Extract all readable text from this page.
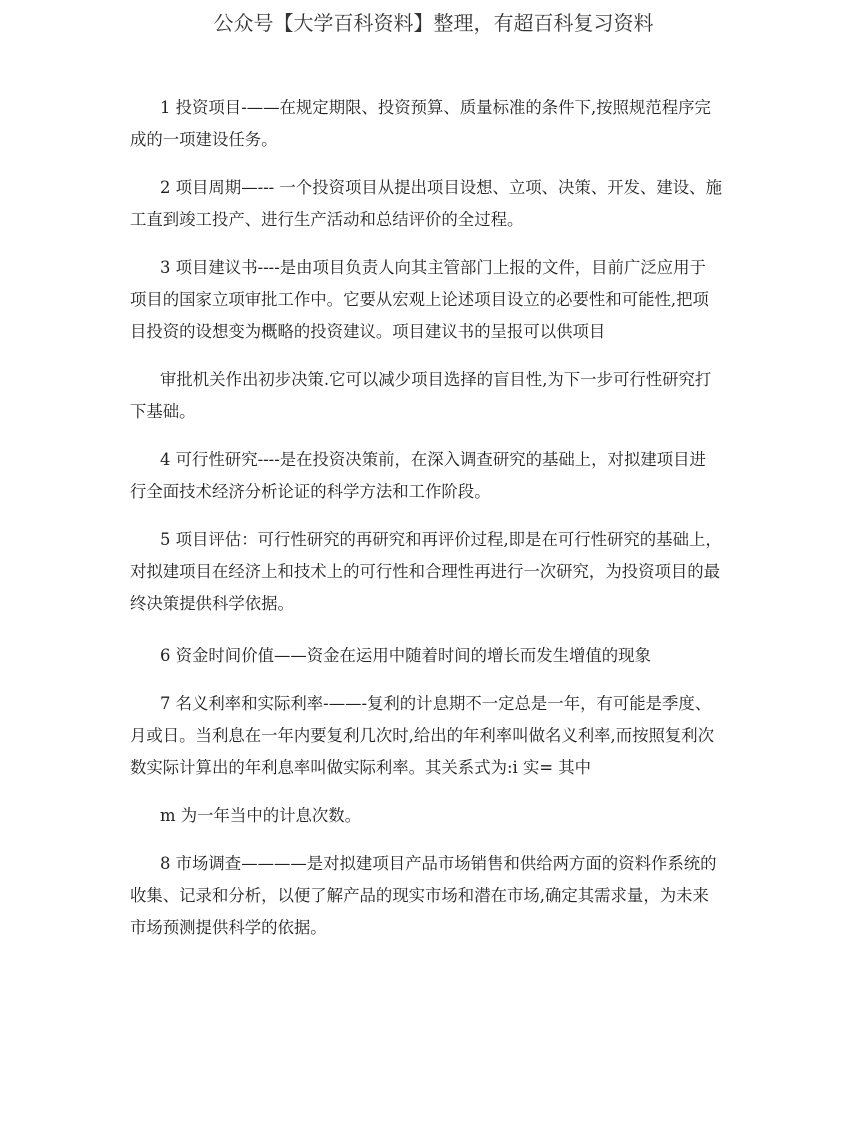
公众号【大学百科资料】整理，有超百科复习资料
1 投资项目-——在规定期限、投资预算、质量标准的条件下,按照规范程序完
成的一项建设任务。
2 项目周期—--- 一个投资项目从提出项目设想、立项、决策、开发、建设、施
工直到竣工投产、进行生产活动和总结评价的全过程。
3 项目建议书----是由项目负责人向其主管部门上报的文件，目前广泛应用于
项目的国家立项审批工作中。它要从宏观上论述项目设立的必要性和可能性,把项
目投资的设想变为概略的投资建议。项目建议书的呈报可以供项目
审批机关作出初步决策.它可以减少项目选择的盲目性,为下一步可行性研究打
下基础。
4 可行性研究----是在投资决策前，在深入调查研究的基础上，对拟建项目进
行全面技术经济分析论证的科学方法和工作阶段。
5 项目评估：可行性研究的再研究和再评价过程,即是在可行性研究的基础上，
对拟建项目在经济上和技术上的可行性和合理性再进行一次研究，为投资项目的最
终决策提供科学依据。
6 资金时间价值——资金在运用中随着时间的增长而发生增值的现象
7 名义利率和实际利率-——-复利的计息期不一定总是一年，有可能是季度、
月或日。当利息在一年内要复利几次时,给出的年利率叫做名义利率,而按照复利次
数实际计算出的年利息率叫做实际利率。其关系式为:i 实= 其中
m 为一年当中的计息次数。
8 市场调查————是对拟建项目产品市场销售和供给两方面的资料作系统的
收集、记录和分析，以便了解产品的现实市场和潜在市场,确定其需求量，为未来
市场预测提供科学的依据。
